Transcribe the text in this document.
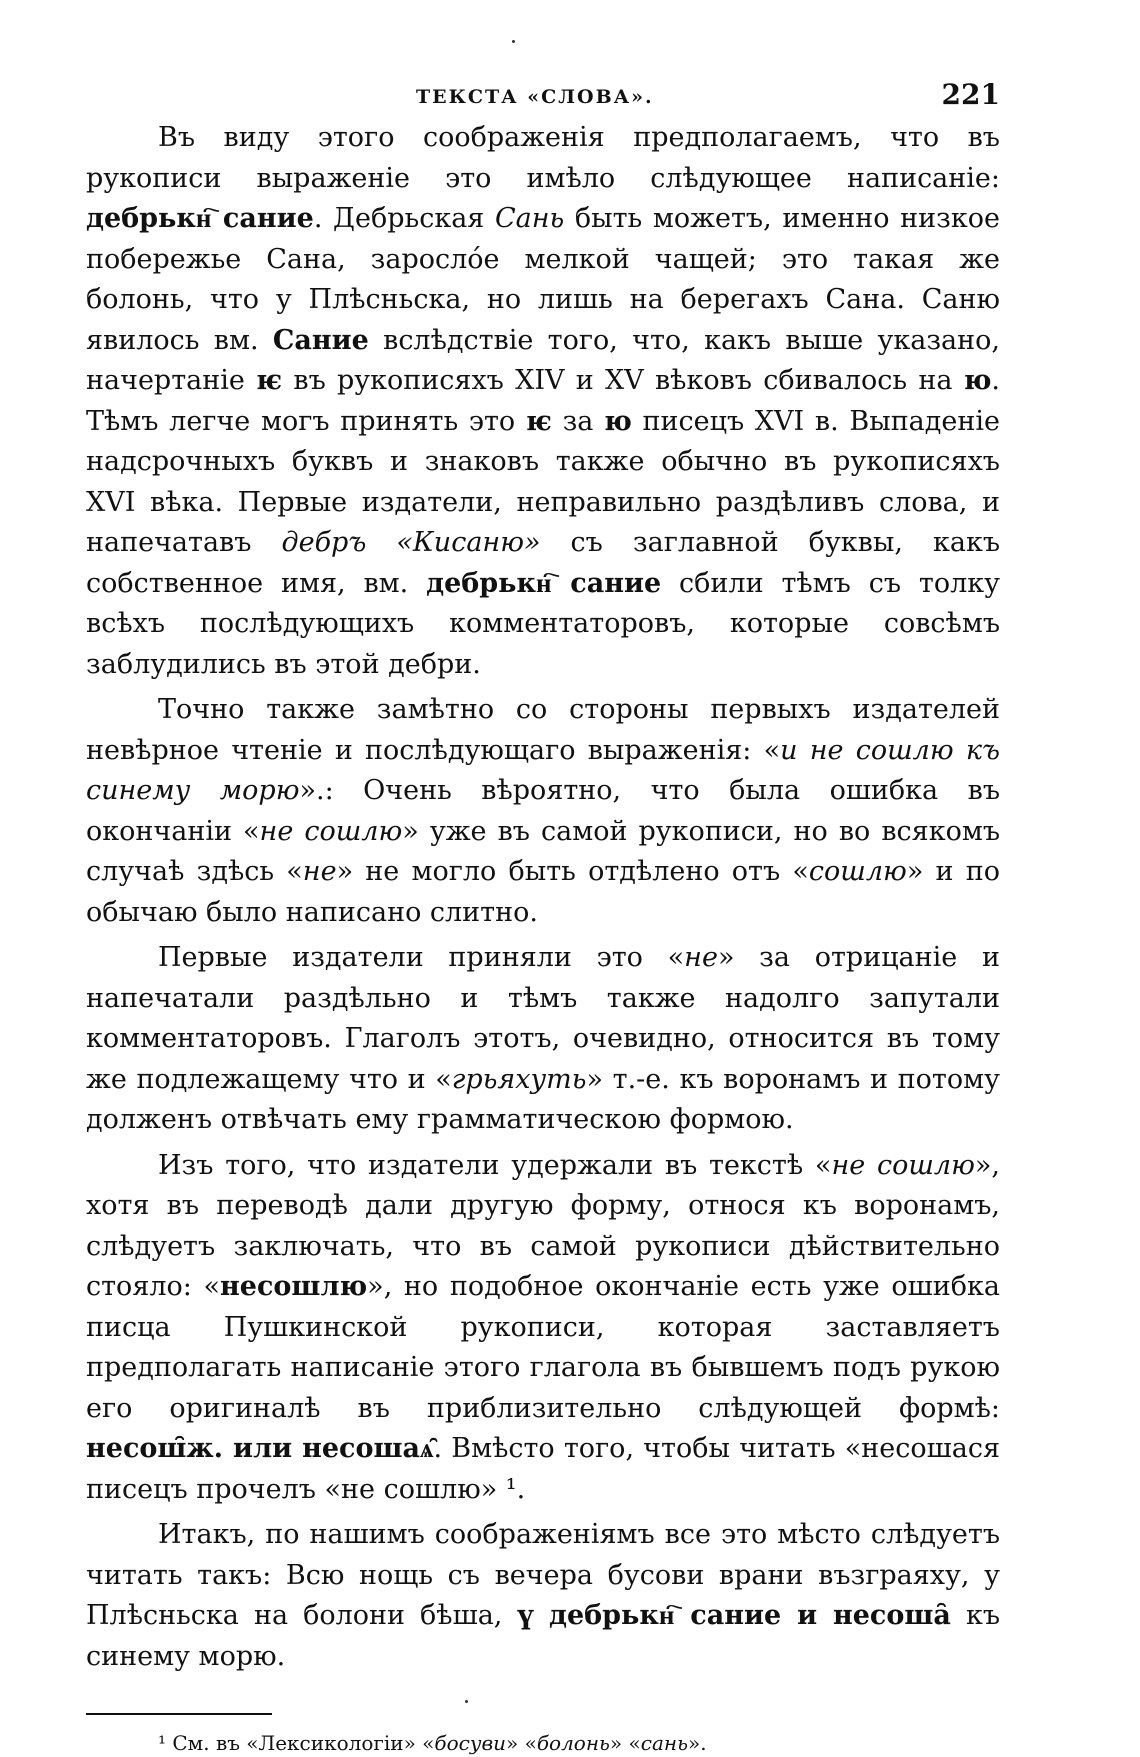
ТЕКСТА «СЛОВА».	221

Въ виду этого соображенія предполагаемъ, что въ рукописи выраженіе это имѣло слѣдующее написаніе: дебрькн҇ сание. Дебрьская Сань быть можетъ, именно низкое побережье Сана, заросло́е мелкой чащей; это такая же болонь, что у Плѣсньска, но лишь на берегахъ Сана. Саню явилось вм. Сание вслѣдствіе того, что, какъ выше указано, начертаніе ѥ въ рукописяхъ XIV и XV вѣковъ сбивалось на ю. Тѣмъ легче могъ принять это ѥ за ю писецъ XVI в. Выпаденіе надсрочныхъ буквъ и знаковъ также обычно въ рукописяхъ XVI вѣка. Первые издатели, неправильно раздѣливъ слова, и напечатавъ дебръ «Кисаню» съ заглавной буквы, какъ собственное имя, вм. дебрькн҇ сание сбили тѣмъ съ толку всѣхъ послѣдующихъ комментаторовъ, которые совсѣмъ заблудились въ этой дебри.

Точно также замѣтно со стороны первыхъ издателей невѣрное чтеніе и послѣдующаго выраженія: «и не сошлю къ синему морю».: Очень вѣроятно, что была ошибка въ окончаніи «не сошлю» уже въ самой рукописи, но во всякомъ случаѣ здѣсь «не» не могло быть отдѣлено отъ «сошлю» и по обычаю было написано слитно.

Первые издатели приняли это «не» за отрицаніе и напечатали раздѣльно и тѣмъ также надолго запутали комментаторовъ. Глаголъ этотъ, очевидно, относится въ тому же подлежащему что и «грьяхуть» т.-е. къ воронамъ и потому долженъ отвѣчать ему грамматическою формою.

Изъ того, что издатели удержали въ текстѣ «не сошлю», хотя въ переводѣ дали другую форму, относя къ воронамъ, слѣдуетъ заключать, что въ самой рукописи дѣйствительно стояло: «несошлю», но подобное окончаніе есть уже ошибка писца Пушкинской рукописи, которая заставляетъ предполагать написаніе этого глагола въ бывшемъ подъ рукою его оригиналѣ въ приблизительно слѣдующей формѣ: несош̑ж. или несошаѧ̑. Вмѣсто того, чтобы читать «несошася писецъ прочелъ «не сошлю» ¹.

Итакъ, по нашимъ соображеніямъ все это мѣсто слѣдуетъ читать такъ: Всю нощь съ вечера бусови врани възграяху, у Плѣсньска на болони бѣша, ү дебрькн҇ сание и несоша̑ къ синему морю.

¹ См. въ «Лексикологіи» «босуви» «болонь» «сань».
